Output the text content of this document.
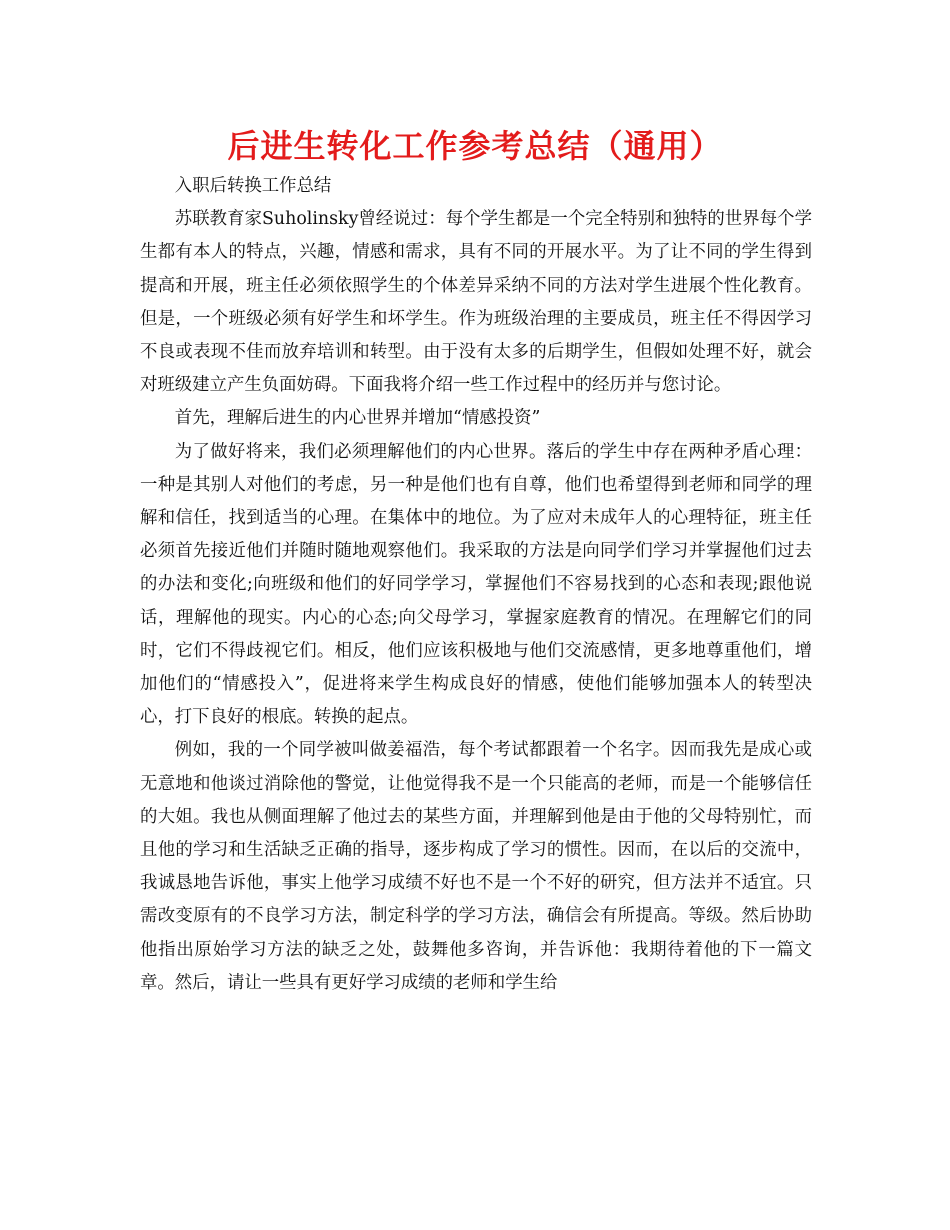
后进生转化工作参考总结（通用）

入职后转换工作总结

苏联教育家Suholinsky曾经说过：每个学生都是一个完全特别和独特的世界每个学生都有本人的特点，兴趣，情感和需求，具有不同的开展水平。为了让不同的学生得到提高和开展，班主任必须依照学生的个体差异采纳不同的方法对学生进展个性化教育。但是，一个班级必须有好学生和坏学生。作为班级治理的主要成员，班主任不得因学习不良或表现不佳而放弃培训和转型。由于没有太多的后期学生，但假如处理不好，就会对班级建立产生负面妨碍。下面我将介绍一些工作过程中的经历并与您讨论。

首先，理解后进生的内心世界并增加“情感投资”

为了做好将来，我们必须理解他们的内心世界。落后的学生中存在两种矛盾心理：一种是其别人对他们的考虑，另一种是他们也有自尊，他们也希望得到老师和同学的理解和信任，找到适当的心理。在集体中的地位。为了应对未成年人的心理特征，班主任必须首先接近他们并随时随地观察他们。我采取的方法是向同学们学习并掌握他们过去的办法和变化;向班级和他们的好同学学习，掌握他们不容易找到的心态和表现;跟他说话，理解他的现实。内心的心态;向父母学习，掌握家庭教育的情况。在理解它们的同时，它们不得歧视它们。相反，他们应该积极地与他们交流感情，更多地尊重他们，增加他们的“情感投入”，促进将来学生构成良好的情感，使他们能够加强本人的转型决心，打下良好的根底。转换的起点。

例如，我的一个同学被叫做姜福浩，每个考试都跟着一个名字。因而我先是成心或无意地和他谈过消除他的警觉，让他觉得我不是一个只能高的老师，而是一个能够信任的大姐。我也从侧面理解了他过去的某些方面，并理解到他是由于他的父母特别忙，而且他的学习和生活缺乏正确的指导，逐步构成了学习的惯性。因而，在以后的交流中，我诚恳地告诉他，事实上他学习成绩不好也不是一个不好的研究，但方法并不适宜。只需改变原有的不良学习方法，制定科学的学习方法，确信会有所提高。等级。然后协助他指出原始学习方法的缺乏之处，鼓舞他多咨询，并告诉他：我期待着他的下一篇文章。然后，请让一些具有更好学习成绩的老师和学生给
